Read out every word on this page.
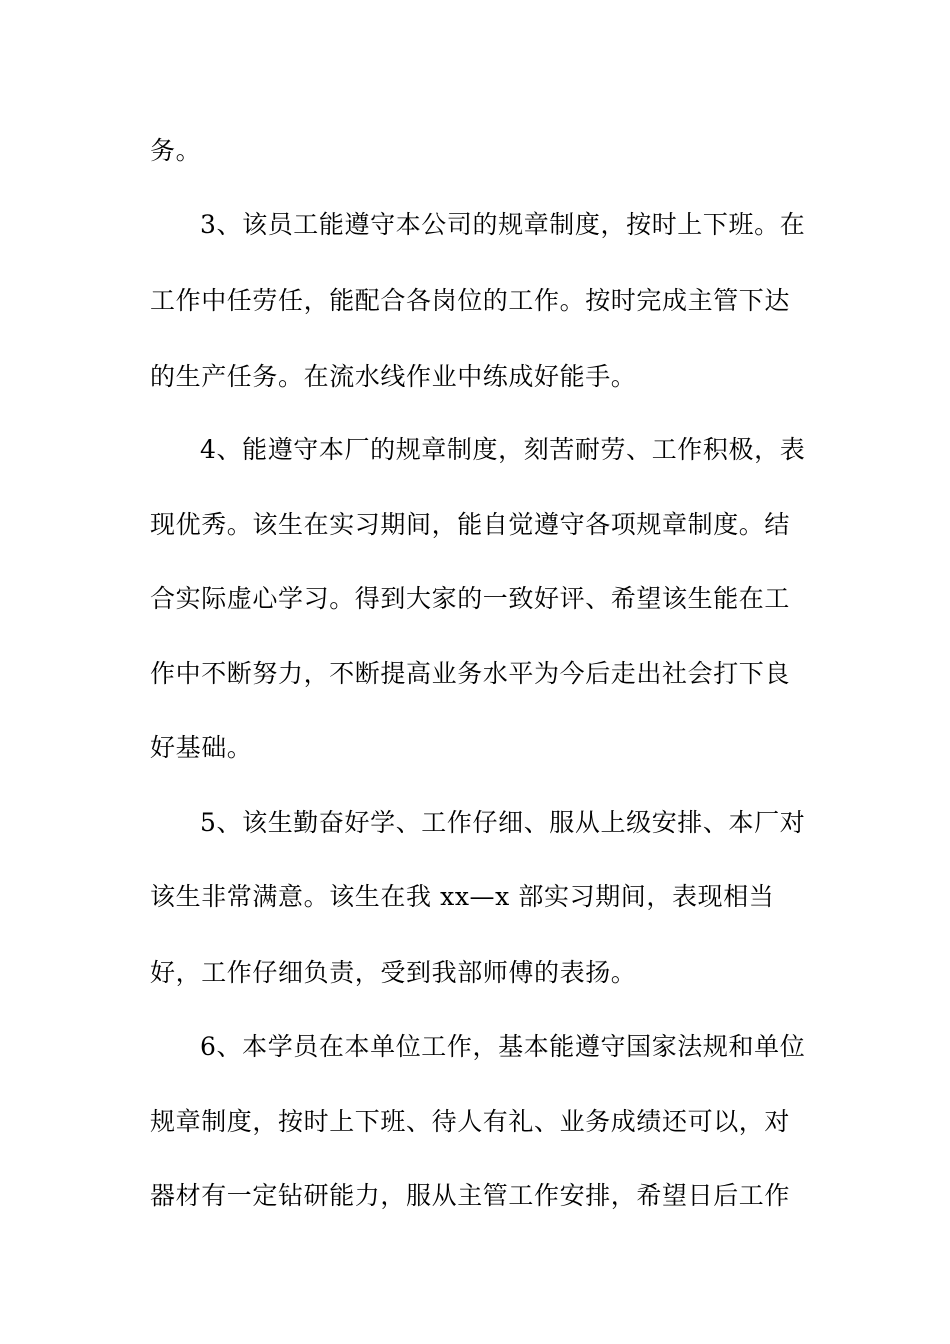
务。
3、该员工能遵守本公司的规章制度，按时上下班。在
工作中任劳任，能配合各岗位的工作。按时完成主管下达
的生产任务。在流水线作业中练成好能手。
4、能遵守本厂的规章制度，刻苦耐劳、工作积极，表
现优秀。该生在实习期间，能自觉遵守各项规章制度。结
合实际虚心学习。得到大家的一致好评、希望该生能在工
作中不断努力，不断提高业务水平为今后走出社会打下良
好基础。
5、该生勤奋好学、工作仔细、服从上级安排、本厂对
该生非常满意。该生在我 xx—x 部实习期间，表现相当
好，工作仔细负责，受到我部师傅的表扬。
6、本学员在本单位工作，基本能遵守国家法规和单位
规章制度，按时上下班、待人有礼、业务成绩还可以，对
器材有一定钻研能力，服从主管工作安排，希望日后工作
